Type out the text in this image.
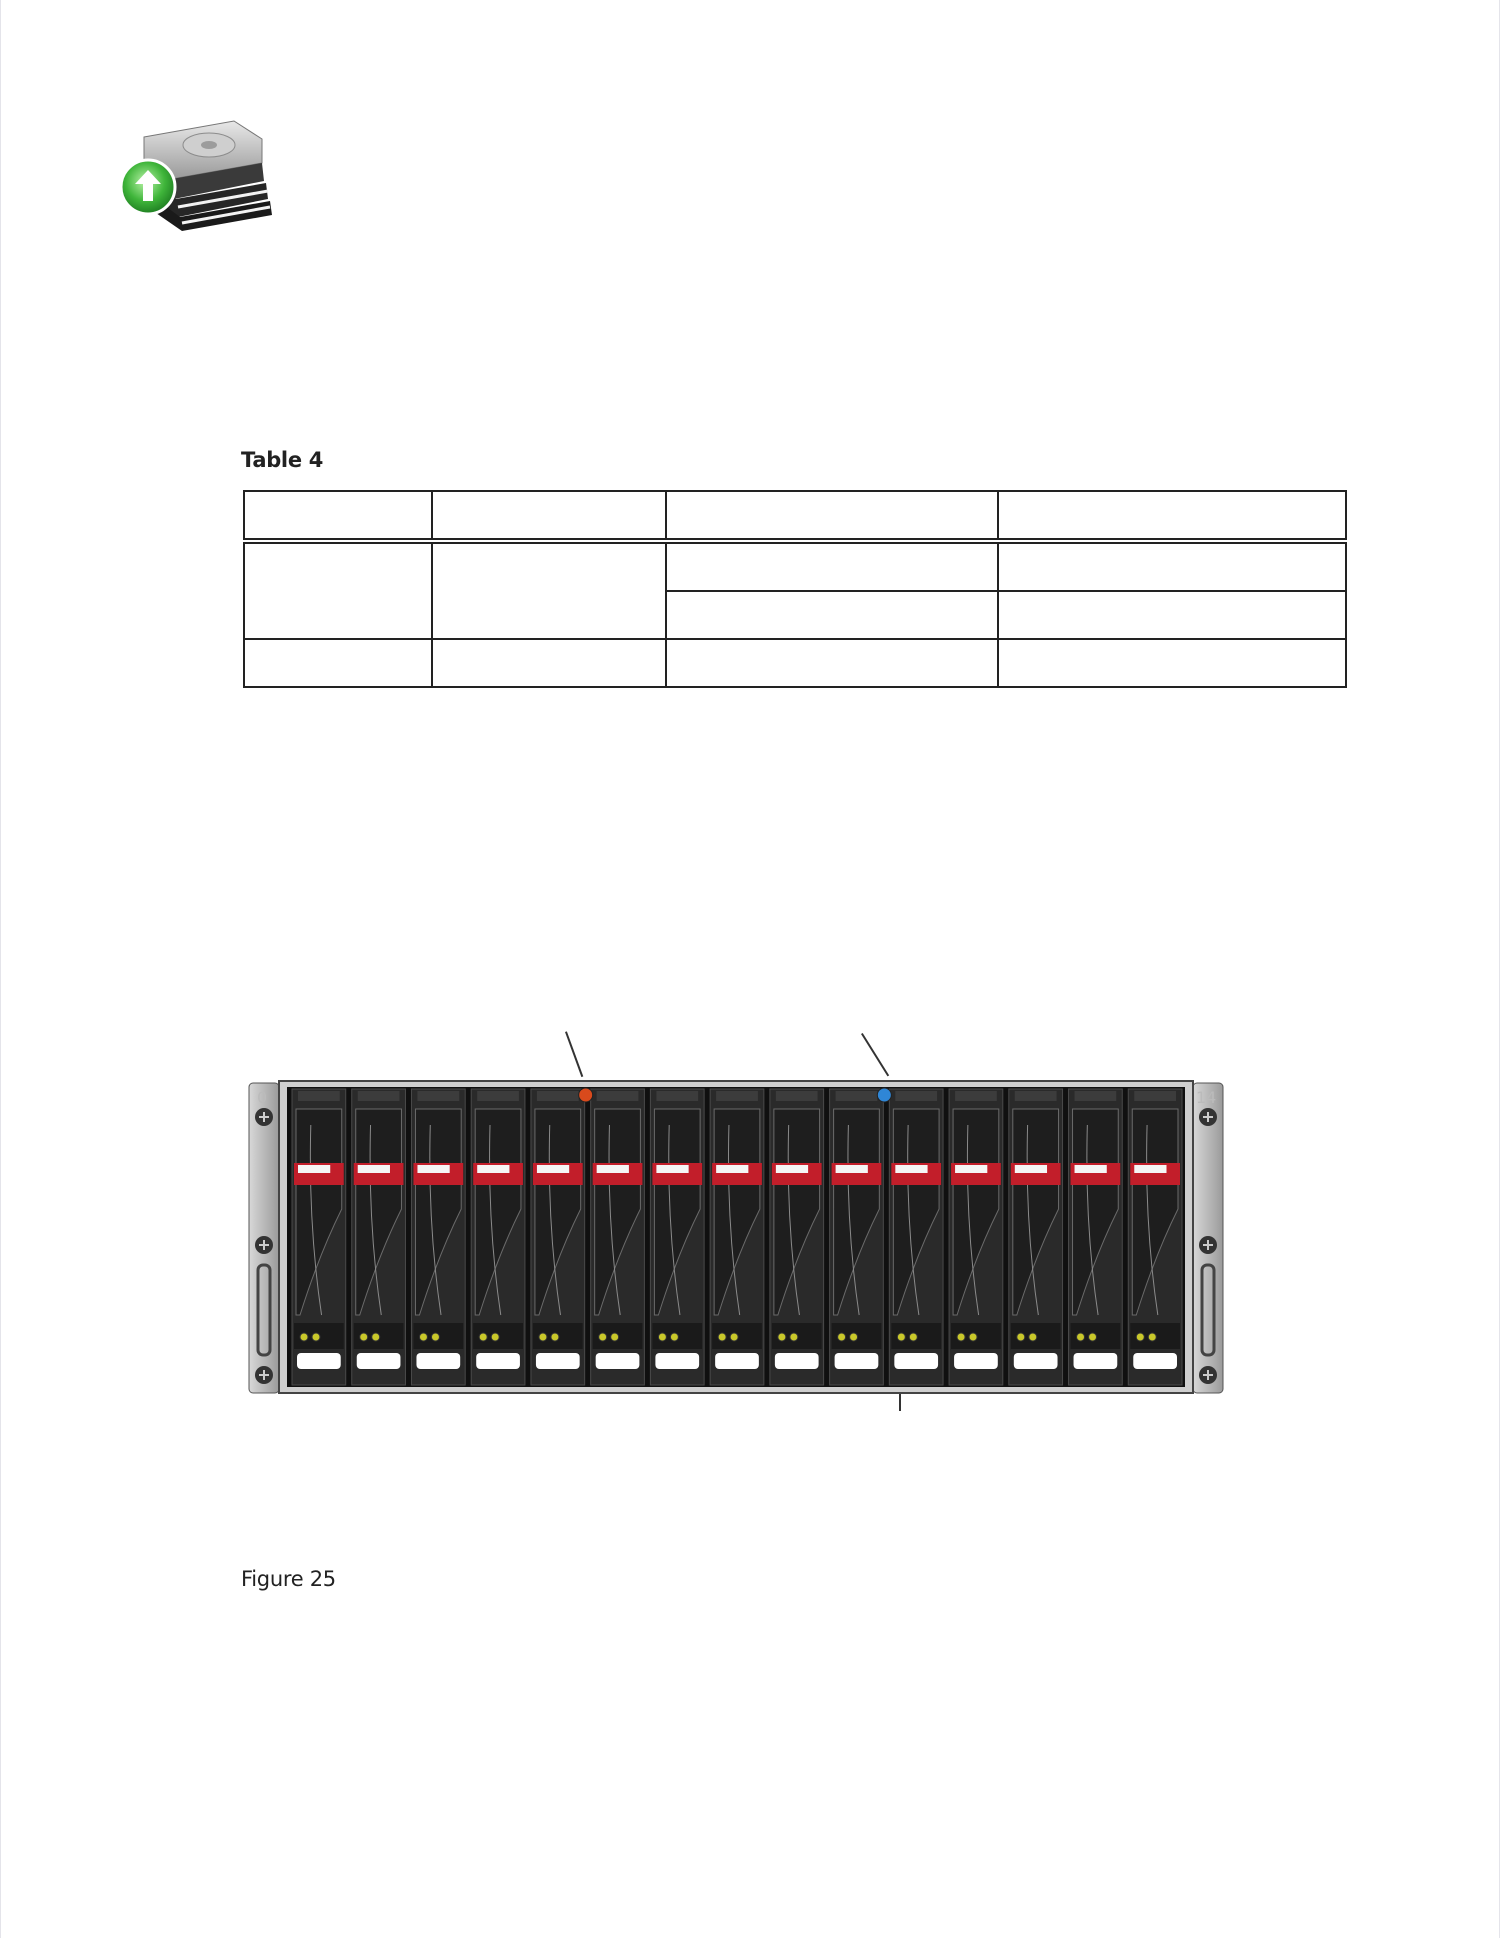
Table 4

0	14
Figure 25
